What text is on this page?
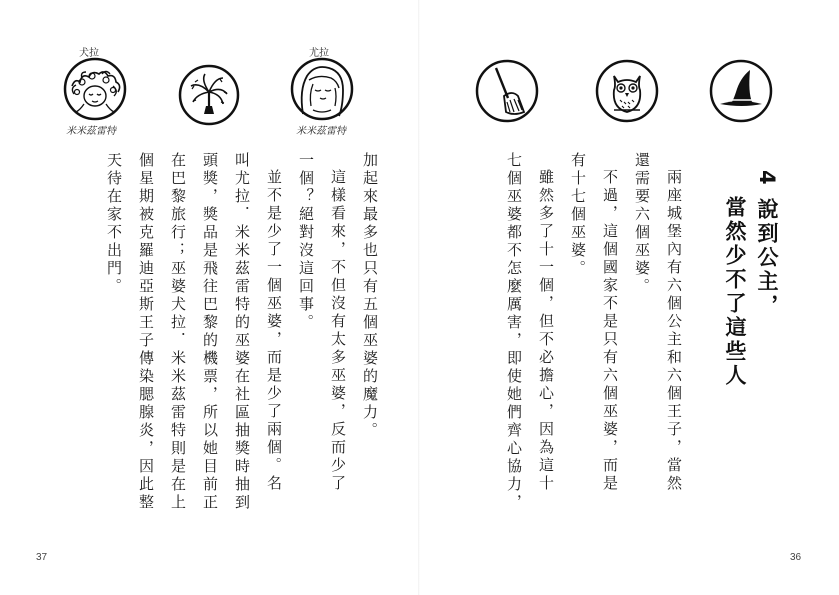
犬拉
米米茲雷特
尤拉
米米茲雷特
加起來最多也只有五個巫婆的魔力。
這樣看來，不但沒有太多巫婆，反而少了
一個？絕對沒這回事。
並不是少了一個巫婆，而是少了兩個。名
叫尤拉．米米茲雷特的巫婆在社區抽獎時抽到
頭獎，獎品是飛往巴黎的機票，所以她目前正
在巴黎旅行；巫婆犬拉．米米茲雷特則是在上
個星期被克羅迪亞斯王子傳染腮腺炎，因此整
天待在家不出門。
37
4 說到公主，
當然少不了這些人
兩座城堡內有六個公主和六個王子，當然
還需要六個巫婆。
不過，這個國家不是只有六個巫婆，而是
有十七個巫婆。
雖然多了十一個，但不必擔心，因為這十
七個巫婆都不怎麼厲害，即使她們齊心協力，
36
